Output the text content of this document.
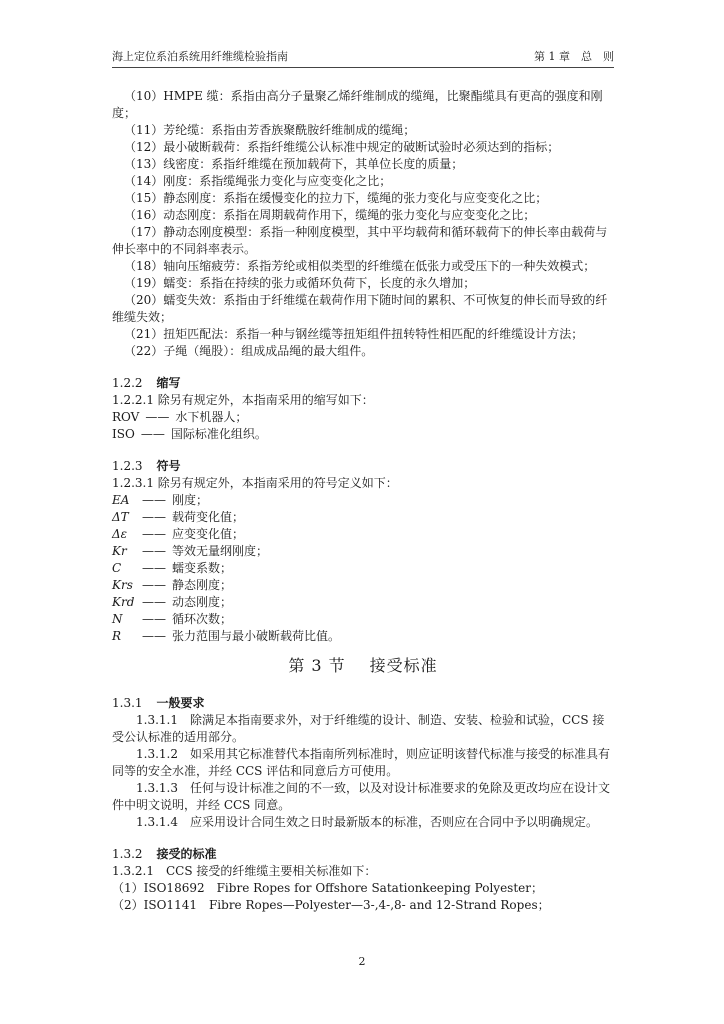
海上定位系泊系统用纤维缆检验指南	第 1 章　总　则

（10）HMPE 缆：系指由高分子量聚乙烯纤维制成的缆绳，比聚酯缆具有更高的强度和刚度；

（11）芳纶缆：系指由芳香族聚酰胺纤维制成的缆绳；

（12）最小破断载荷：系指纤维缆公认标准中规定的破断试验时必须达到的指标；

（13）线密度：系指纤维缆在预加载荷下，其单位长度的质量；

（14）刚度：系指缆绳张力变化与应变变化之比；

（15）静态刚度：系指在缓慢变化的拉力下，缆绳的张力变化与应变变化之比；

（16）动态刚度：系指在周期载荷作用下，缆绳的张力变化与应变变化之比；

（17）静动态刚度模型：系指一种刚度模型，其中平均载荷和循环载荷下的伸长率由载荷与伸长率中的不同斜率表示。

（18）轴向压缩疲劳：系指芳纶或相似类型的纤维缆在低张力或受压下的一种失效模式；

（19）蠕变：系指在持续的张力或循环负荷下，长度的永久增加；

（20）蠕变失效：系指由于纤维缆在载荷作用下随时间的累积、不可恢复的伸长而导致的纤维缆失效；

（21）扭矩匹配法：系指一种与钢丝缆等扭矩组件扭转特性相匹配的纤维缆设计方法；

（22）子绳（绳股）：组成成品绳的最大组件。

1.2.2 缩写

1.2.2.1 除另有规定外，本指南采用的缩写如下：

ROV —— 水下机器人；

ISO —— 国际标准化组织。

1.2.3 符号

1.2.3.1 除另有规定外，本指南采用的符号定义如下：

EA —— 刚度；

ΔT —— 载荷变化值；

Δε —— 应变变化值；

Kr —— 等效无量纲刚度；

C —— 蠕变系数；

Krs —— 静态刚度；

Krd —— 动态刚度；

N —— 循环次数；

R —— 张力范围与最小破断载荷比值。

第 3 节 接受标准

1.3.1 一般要求

1.3.1.1　除满足本指南要求外，对于纤维缆的设计、制造、安装、检验和试验，CCS 接受公认标准的适用部分。

1.3.1.2　如采用其它标准替代本指南所列标准时，则应证明该替代标准与接受的标准具有同等的安全水准，并经 CCS 评估和同意后方可使用。

1.3.1.3　任何与设计标准之间的不一致，以及对设计标准要求的免除及更改均应在设计文件中明文说明，并经 CCS 同意。

1.3.1.4　应采用设计合同生效之日时最新版本的标准，否则应在合同中予以明确规定。

1.3.2 接受的标准

1.3.2.1　CCS 接受的纤维缆主要相关标准如下：

（1）ISO18692　Fibre Ropes for Offshore Satationkeeping Polyester；

（2）ISO1141　Fibre Ropes—Polyester—3-,4-,8- and 12-Strand Ropes；

2
